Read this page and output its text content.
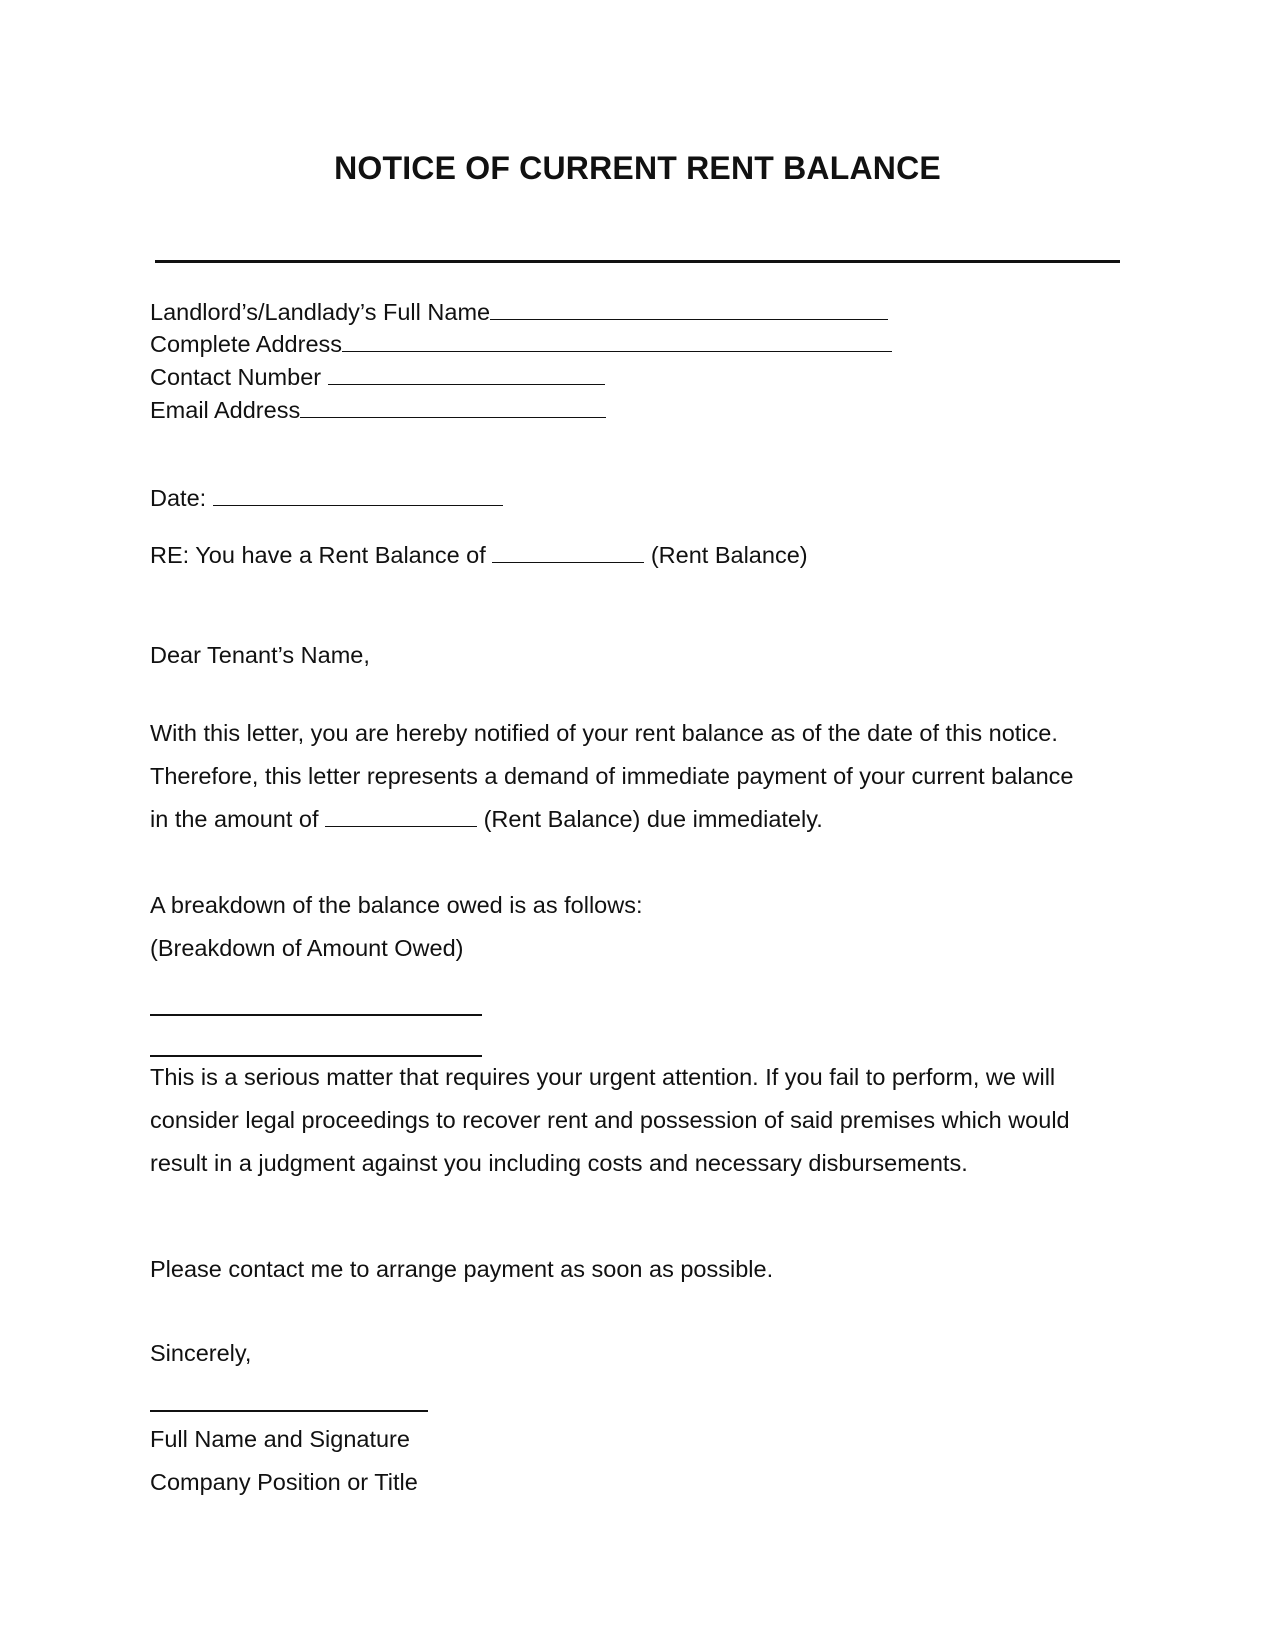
NOTICE OF CURRENT RENT BALANCE
Landlord’s/Landlady’s Full Name
Complete Address
Contact Number
Email Address
Date:
RE: You have a Rent Balance of	(Rent Balance)
Dear Tenant’s Name,
With this letter, you are hereby notified of your rent balance as of the date of this notice.
Therefore, this letter represents a demand of immediate payment of your current balance
in the amount of	(Rent Balance) due immediately.
A breakdown of the balance owed is as follows:
(Breakdown of Amount Owed)
This is a serious matter that requires your urgent attention. If you fail to perform, we will
consider legal proceedings to recover rent and possession of said premises which would
result in a judgment against you including costs and necessary disbursements.
Please contact me to arrange payment as soon as possible.
Sincerely,
Full Name and Signature
Company Position or Title
